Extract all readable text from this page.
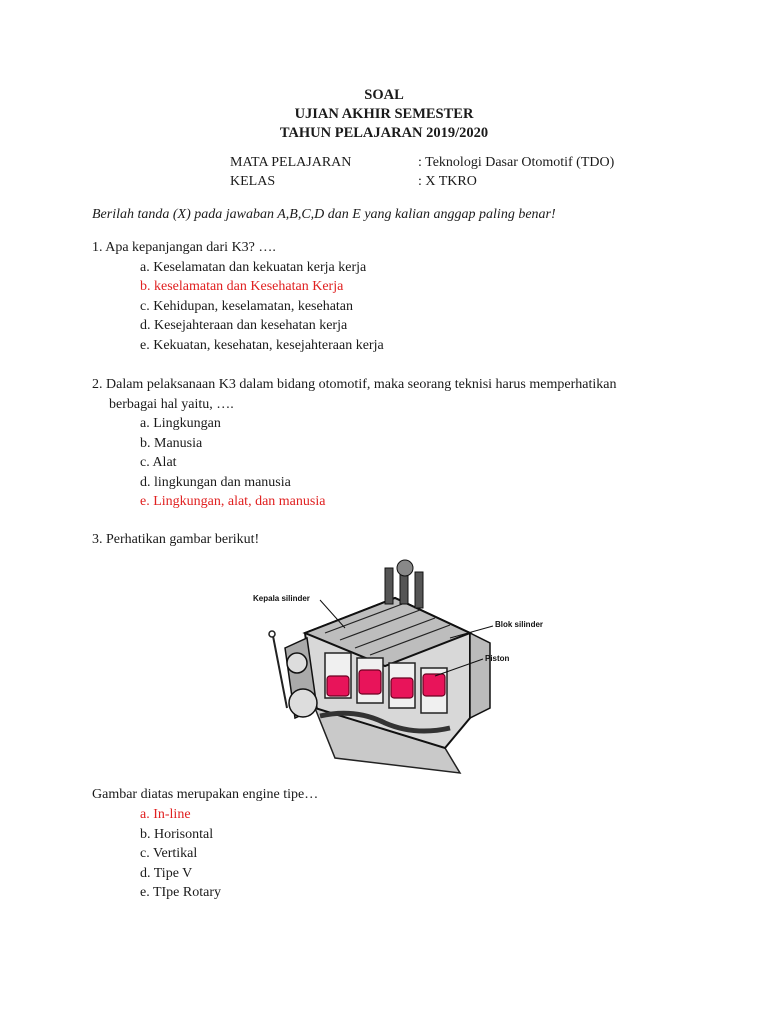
SOAL
UJIAN AKHIR SEMESTER
TAHUN PELAJARAN 2019/2020
MATA PELAJARAN	: Teknologi Dasar Otomotif (TDO)
KELAS	: X TKRO
Berilah tanda (X) pada jawaban A,B,C,D dan E yang kalian anggap paling benar!
1. Apa kepanjangan dari K3? ….
a. Keselamatan dan kekuatan kerja kerja
b. keselamatan dan Kesehatan Kerja
c. Kehidupan, keselamatan, kesehatan
d. Kesejahteraan dan kesehatan kerja
e. Kekuatan, kesehatan, kesejahteraan kerja
2. Dalam pelaksanaan K3 dalam bidang otomotif, maka seorang teknisi harus memperhatikan
berbagai hal yaitu, ….
a. Lingkungan
b. Manusia
c. Alat
d. lingkungan dan manusia
e. Lingkungan, alat, dan manusia
3. Perhatikan gambar berikut!
Kepala silinder
Blok silinder
Piston
Gambar diatas merupakan engine tipe…
a. In-line
b. Horisontal
c. Vertikal
d. Tipe V
e. TIpe Rotary
